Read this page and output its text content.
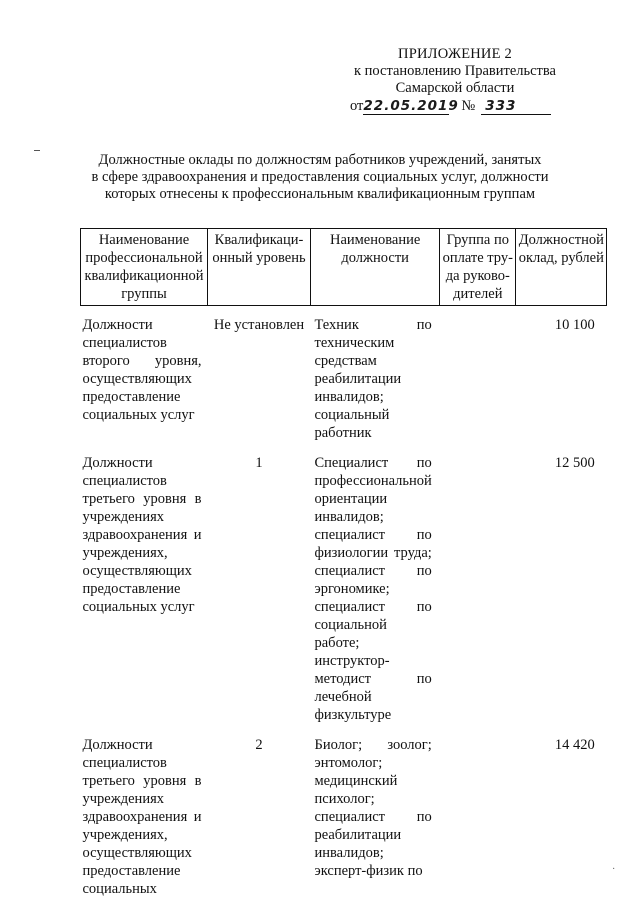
ПРИЛОЖЕНИЕ 2
к постановлению Правительства
Самарской области
от22.05.2019 № 333
Должностные оклады по должностям работников учреждений, занятых
в сфере здравоохранения и предоставления социальных услуг, должности
которых отнесены к профессиональным квалификационным группам
Наименование профессиональной квалификационной группы	Квалификаци-онный уровень	Наименование должности	Группа по оплате тру-да руково-дителей	Должностной оклад, рублей

Должности специалистов второго уровня, осуществляющих предоставление социальных услуг	Не установлен	Техник по техническим средствам реабилитации инвалидов; социальный работник		10 100

Должности специалистов третьего уровня в учреждениях здравоохранения и учреждениях, осуществляющих предоставление социальных услуг	1	Специалист по профессиональной ориентации инвалидов; специалист по физиологии труда; специалист по эргономике; специалист по социальной работе; инструктор-методист по лечебной физкультуре		12 500

Должности специалистов третьего уровня в учреждениях здравоохранения и учреждениях, осуществляющих предоставление социальных	2	Биолог; зоолог; энтомолог; медицинский психолог; специалист по реабилитации инвалидов; эксперт-физик по		14 420
·
